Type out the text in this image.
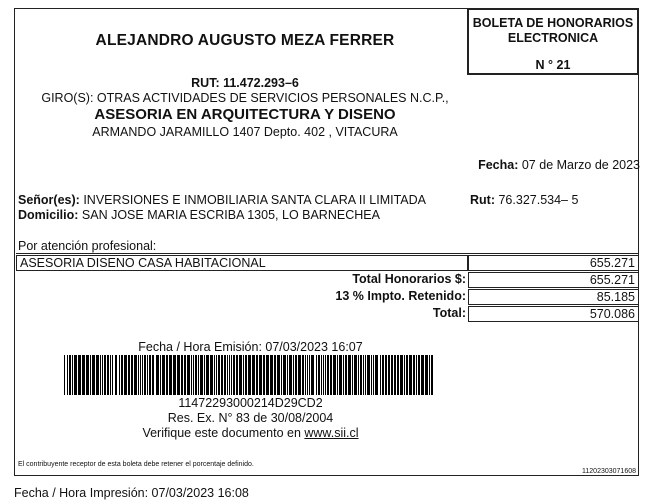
BOLETA DE HONORARIOS
ELECTRONICA
N ° 21
ALEJANDRO AUGUSTO MEZA FERRER
RUT: 11.472.293–6
GIRO(S): OTRAS ACTIVIDADES DE SERVICIOS PERSONALES N.C.P.,
ASESORIA EN ARQUITECTURA Y DISENO
ARMANDO JARAMILLO 1407 Depto. 402 , VITACURA
Fecha: 07 de Marzo de 2023
Señor(es): INVERSIONES E INMOBILIARIA SANTA CLARA II LIMITADA	Rut: 76.327.534– 5
Domicilio: SAN JOSE MARIA ESCRIBA 1305, LO BARNECHEA
Por atención profesional:
ASESORIA DISENO CASA HABITACIONAL	655.271
Total Honorarios $:	655.271
13 % Impto. Retenido:	85.185
Total:	570.086
Fecha / Hora Emisión: 07/03/2023 16:07
11472293000214D29CD2
Res. Ex. N° 83 de 30/08/2004
Verifique este documento en www.sii.cl
El contribuyente receptor de esta boleta debe retener el porcentaje definido.
11202303071608
Fecha / Hora Impresión: 07/03/2023 16:08
